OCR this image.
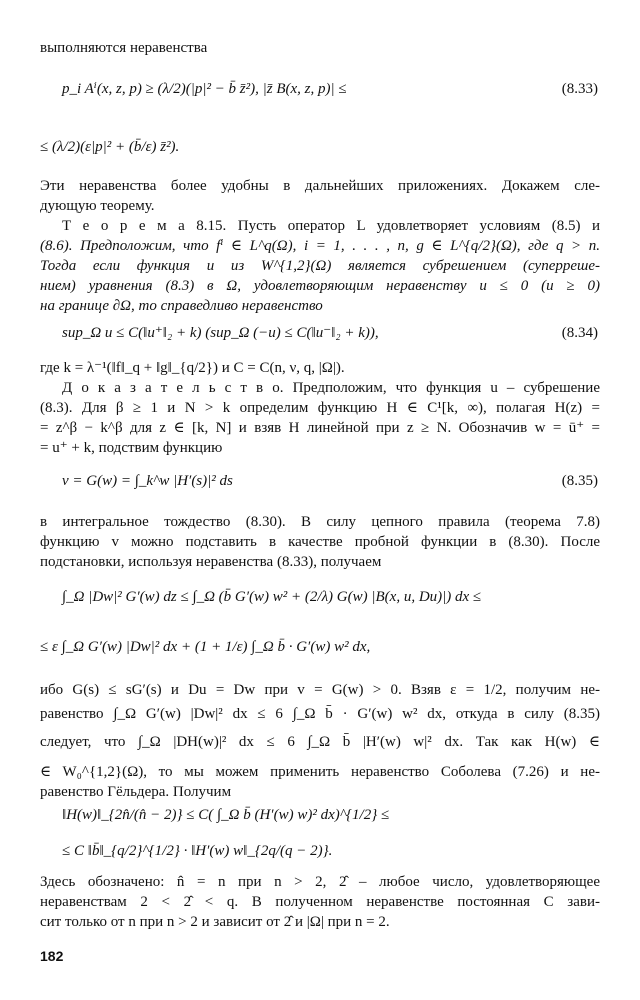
выполняются неравенства
p_i Aⁱ(x, z, p) ≥ (λ/2)(|p|² − b̄ z̄²), |z̄ B(x, z, p)| ≤	(8.33)
≤ (λ/2)(ε|p|² + (b̄/ε) z̄²).
Эти неравенства более удобны в дальнейших приложениях. Докажем сле-
дующую теорему.
Т е о р е м а 8.15. Пусть оператор L удовлетворяет условиям (8.5) и
(8.6). Предположим, что fⁱ ∈ L^q(Ω), i = 1, . . . , n, g ∈ L^{q/2}(Ω), где q > n.
Тогда если функция u из W^{1,2}(Ω) является субрешением (суперреше-
нием) уравнения (8.3) в Ω, удовлетворяющим неравенству u ≤ 0 (u ≥ 0)
на границе ∂Ω, то справедливо неравенство
sup_Ω u ≤ C(‖u⁺‖₂ + k) (sup_Ω (−u) ≤ C(‖u⁻‖₂ + k)),	(8.34)
где k = λ⁻¹(‖f‖_q + ‖g‖_{q/2}) и C = C(n, ν, q, |Ω|).
Д о к а з а т е л ь с т в о. Предположим, что функция u – субрешение
(8.3). Для β ≥ 1 и N > k определим функцию H ∈ C¹[k, ∞), полагая H(z) =
= z^β − k^β для z ∈ [k, N] и взяв H линейной при z ≥ N. Обозначив w = ū⁺ =
= u⁺ + k, подствим функцию
v = G(w) = ∫_k^w |H′(s)|² ds	(8.35)
в интегральное тождество (8.30). В силу цепного правила (теорема 7.8)
функцию v можно подставить в качестве пробной функции в (8.30). После
подстановки, используя неравенства (8.33), получаем
∫_Ω |Dw|² G′(w) dz ≤ ∫_Ω (b̄ G′(w) w² + (2/λ) G(w) |B(x, u, Du)|) dx ≤
≤ ε ∫_Ω G′(w) |Dw|² dx + (1 + 1/ε) ∫_Ω b̄ · G′(w) w² dx,
ибо G(s) ≤ sG′(s) и Du = Dw при v = G(w) > 0. Взяв ε = 1/2, получим не-
равенство ∫_Ω G′(w) |Dw|² dx ≤ 6 ∫_Ω b̄ · G′(w) w² dx, откуда в силу (8.35)
следует, что ∫_Ω |DH(w)|² dx ≤ 6 ∫_Ω b̄ |H′(w) w|² dx. Так как H(w) ∈
∈ W₀^{1,2}(Ω), то мы можем применить неравенство Соболева (7.26) и не-
равенство Гёльдера. Получим
‖H(w)‖_{2n̂/(n̂ − 2)} ≤ C( ∫_Ω b̄ (H′(w) w)² dx)^{1/2} ≤
≤ C ‖b̄‖_{q/2}^{1/2} · ‖H′(w) w‖_{2q/(q − 2)}.
Здесь обозначено: n̂ = n при n > 2, 2̂ – любое число, удовлетворяющее
неравенствам 2 < 2̂ < q. В полученном неравенстве постоянная C зави-
сит только от n при n > 2 и зависит от 2̂ и |Ω| при n = 2.
182
